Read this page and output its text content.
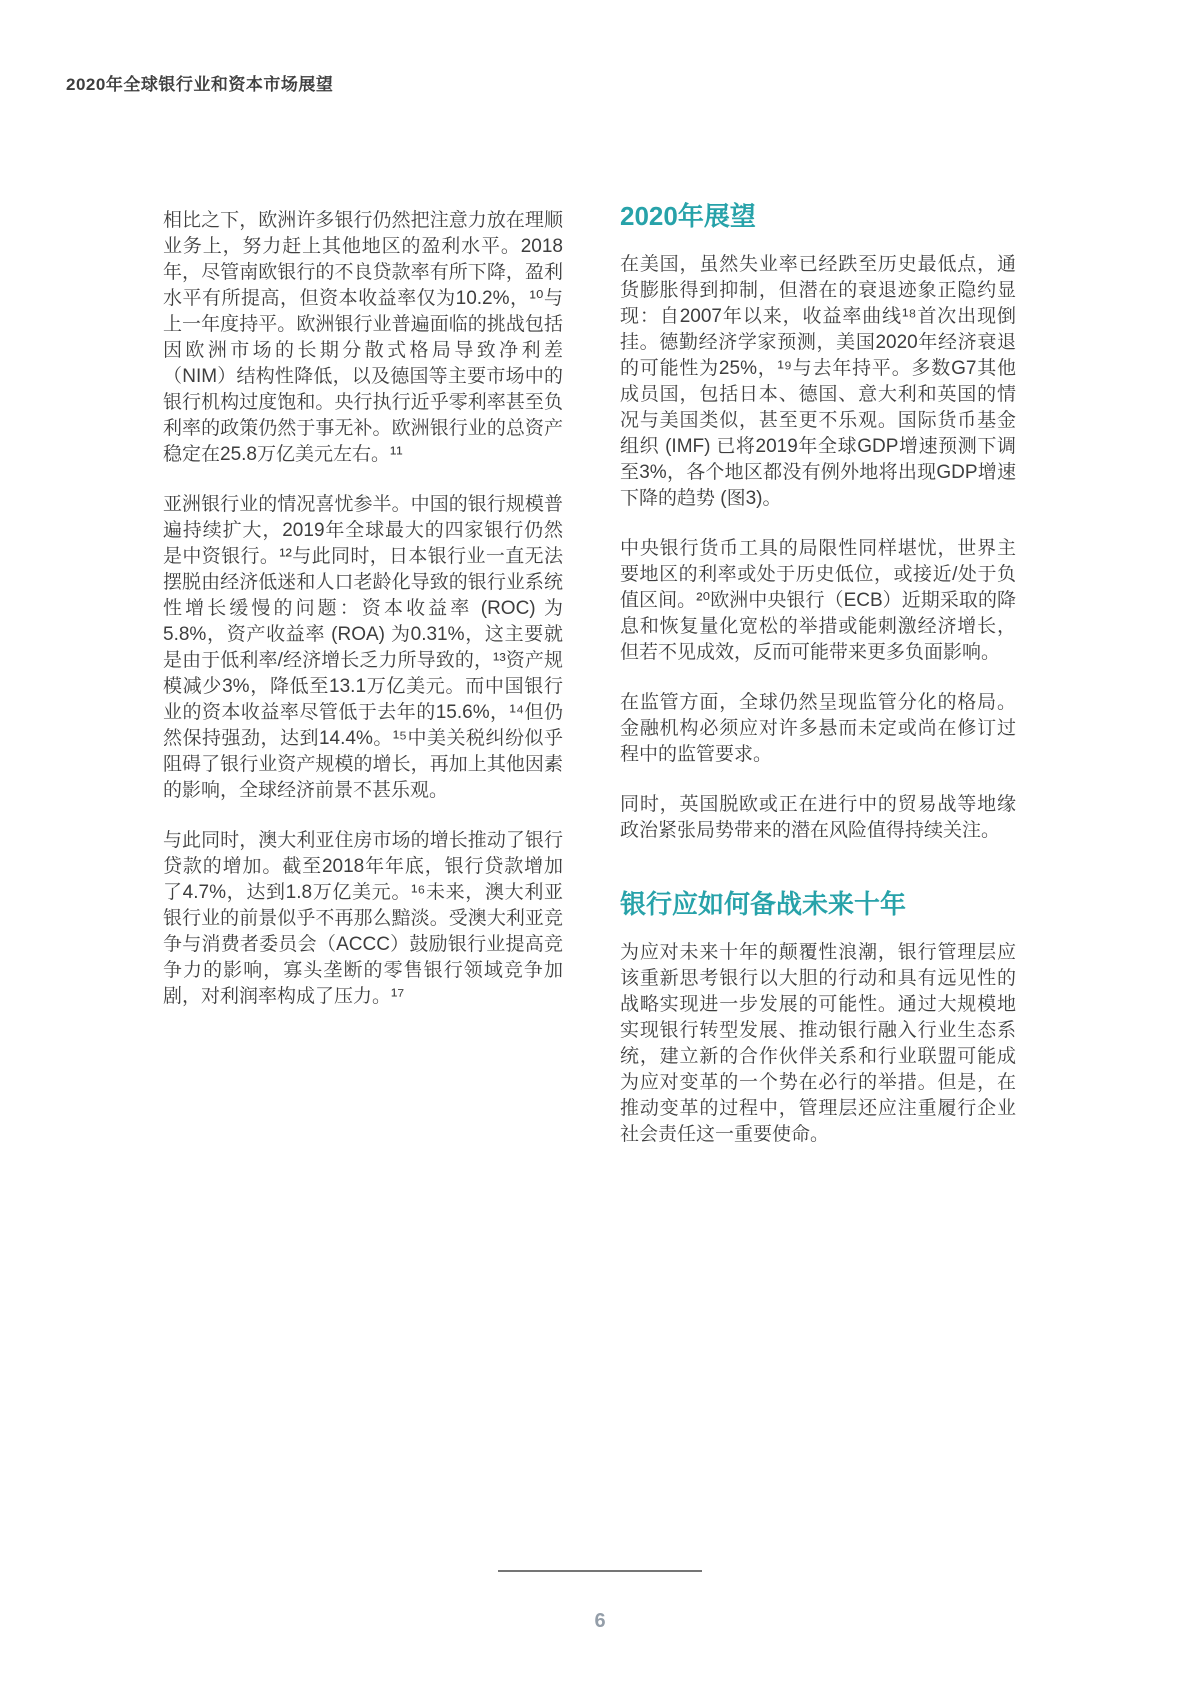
2020年全球银行业和资本市场展望

相比之下，欧洲许多银行仍然把注意力放在理顺业务上，努力赶上其他地区的盈利水平。2018年，尽管南欧银行的不良贷款率有所下降，盈利水平有所提高，但资本收益率仅为10.2%，¹⁰与上一年度持平。欧洲银行业普遍面临的挑战包括因欧洲市场的长期分散式格局导致净利差（NIM）结构性降低，以及德国等主要市场中的银行机构过度饱和。央行执行近乎零利率甚至负利率的政策仍然于事无补。欧洲银行业的总资产稳定在25.8万亿美元左右。¹¹

亚洲银行业的情况喜忧参半。中国的银行规模普遍持续扩大，2019年全球最大的四家银行仍然是中资银行。¹²与此同时，日本银行业一直无法摆脱由经济低迷和人口老龄化导致的银行业系统性增长缓慢的问题：资本收益率 (ROC) 为5.8%，资产收益率 (ROA) 为0.31%，这主要就是由于低利率/经济增长乏力所导致的，¹³资产规模减少3%，降低至13.1万亿美元。而中国银行业的资本收益率尽管低于去年的15.6%，¹⁴但仍然保持强劲，达到14.4%。¹⁵中美关税纠纷似乎阻碍了银行业资产规模的增长，再加上其他因素的影响，全球经济前景不甚乐观。

与此同时，澳大利亚住房市场的增长推动了银行贷款的增加。截至2018年年底，银行贷款增加了4.7%，达到1.8万亿美元。¹⁶未来，澳大利亚银行业的前景似乎不再那么黯淡。受澳大利亚竞争与消费者委员会（ACCC）鼓励银行业提高竞争力的影响，寡头垄断的零售银行领域竞争加剧，对利润率构成了压力。¹⁷

2020年展望

在美国，虽然失业率已经跌至历史最低点，通货膨胀得到抑制，但潜在的衰退迹象正隐约显现：自2007年以来，收益率曲线¹⁸首次出现倒挂。德勤经济学家预测，美国2020年经济衰退的可能性为25%，¹⁹与去年持平。多数G7其他成员国，包括日本、德国、意大利和英国的情况与美国类似，甚至更不乐观。国际货币基金组织 (IMF) 已将2019年全球GDP增速预测下调至3%，各个地区都没有例外地将出现GDP增速下降的趋势 (图3)。

中央银行货币工具的局限性同样堪忧，世界主要地区的利率或处于历史低位，或接近/处于负值区间。²⁰欧洲中央银行（ECB）近期采取的降息和恢复量化宽松的举措或能刺激经济增长，但若不见成效，反而可能带来更多负面影响。

在监管方面，全球仍然呈现监管分化的格局。金融机构必须应对许多悬而未定或尚在修订过程中的监管要求。

同时，英国脱欧或正在进行中的贸易战等地缘政治紧张局势带来的潜在风险值得持续关注。

银行应如何备战未来十年

为应对未来十年的颠覆性浪潮，银行管理层应该重新思考银行以大胆的行动和具有远见性的战略实现进一步发展的可能性。通过大规模地实现银行转型发展、推动银行融入行业生态系统，建立新的合作伙伴关系和行业联盟可能成为应对变革的一个势在必行的举措。但是，在推动变革的过程中，管理层还应注重履行企业社会责任这一重要使命。

6
